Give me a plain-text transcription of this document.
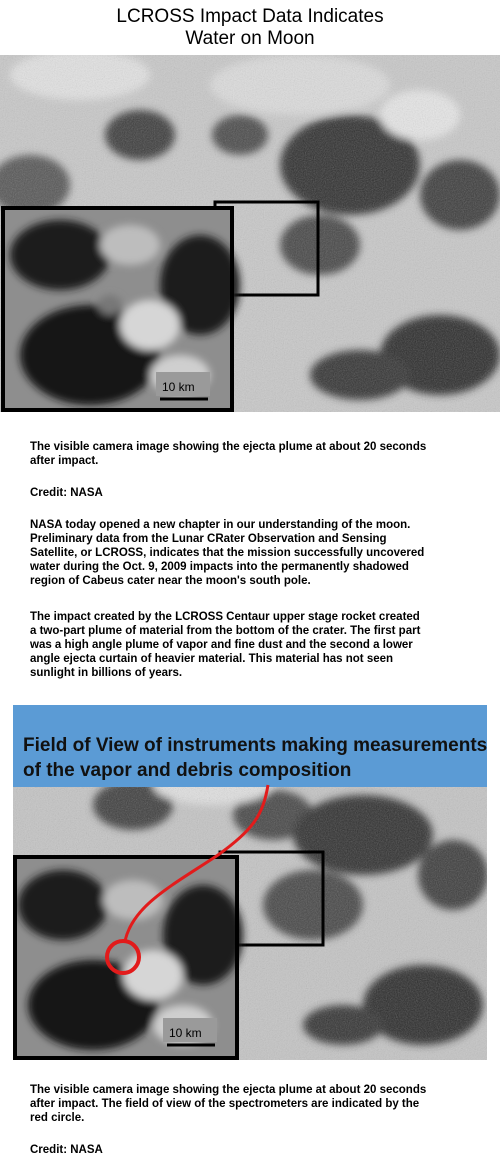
LCROSS Impact Data Indicates
Water on Moon
10 km
The visible camera image showing the ejecta plume at about 20 seconds
after impact.
Credit: NASA
NASA today opened a new chapter in our understanding of the moon.
Preliminary data from the Lunar CRater Observation and Sensing
Satellite, or LCROSS, indicates that the mission successfully uncovered
water during the Oct. 9, 2009 impacts into the permanently shadowed
region of Cabeus cater near the moon's south pole.
The impact created by the LCROSS Centaur upper stage rocket created
a two-part plume of material from the bottom of the crater. The first part
was a high angle plume of vapor and fine dust and the second a lower
angle ejecta curtain of heavier material. This material has not seen
sunlight in billions of years.
Field of View of instruments making measurements
of the vapor and debris composition
10 km
The visible camera image showing the ejecta plume at about 20 seconds
after impact. The field of view of the spectrometers are indicated by the
red circle.
Credit: NASA
